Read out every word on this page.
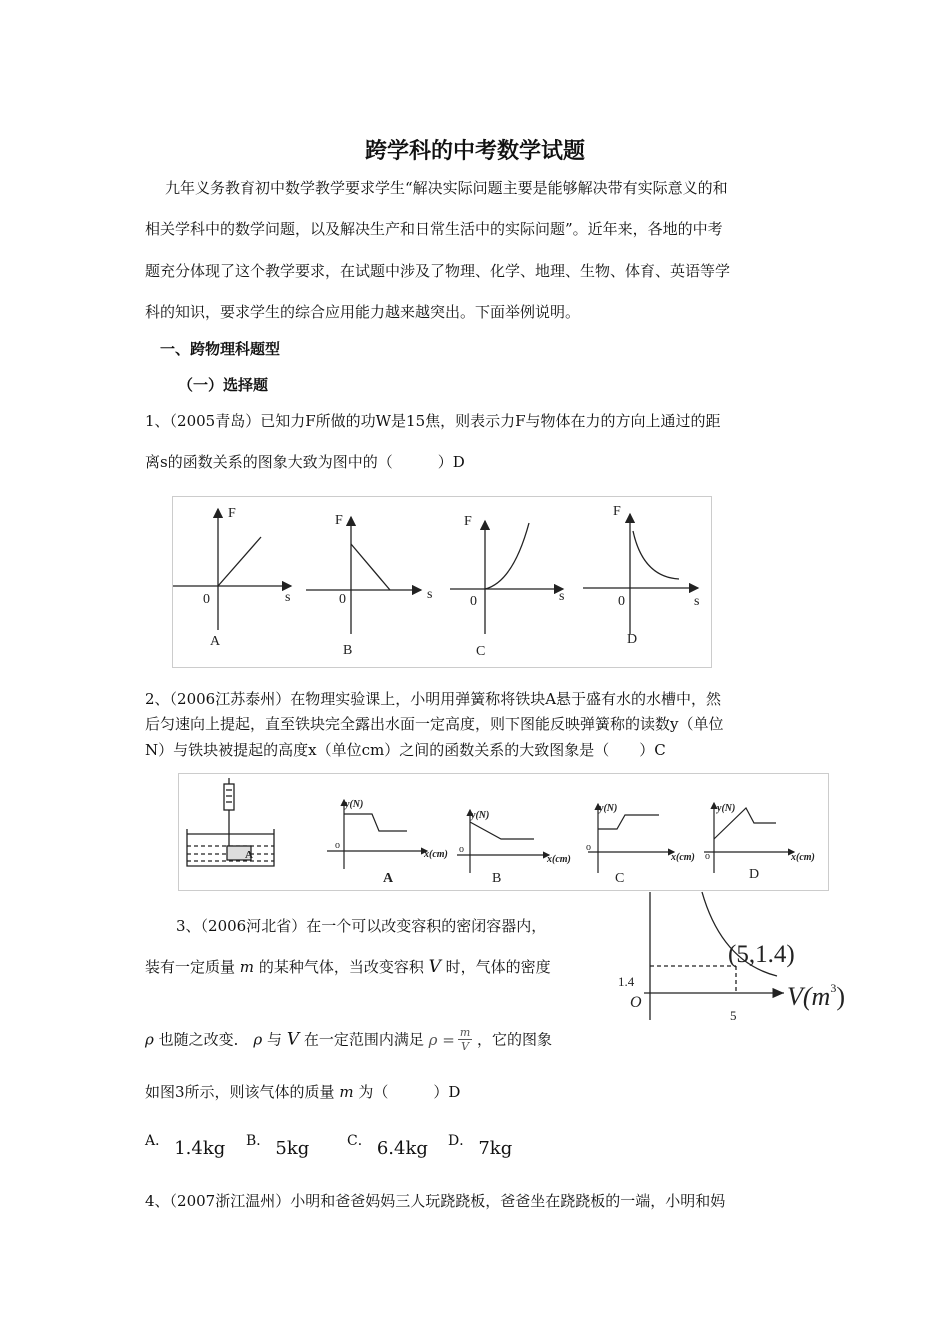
跨学科的中考数学试题
九年义务教育初中数学教学要求学生“解决实际问题主要是能够解决带有实际意义的和
相关学科中的数学问题，以及解决生产和日常生活中的实际问题”。近年来，各地的中考
题充分体现了这个教学要求，在试题中涉及了物理、化学、地理、生物、体育、英语等学
科的知识，要求学生的综合应用能力越来越突出。下面举例说明。
一、跨物理科题型
（一）选择题
1、（2005青岛）已知力F所做的功W是15焦，则表示力F与物体在力的方向上通过的距
离s的函数关系的图象大致为图中的（　　　）D
F
s
0
A
F
s
0
B
F
s
0
C
F
s
0
D
2、（2006江苏泰州）在物理实验课上，小明用弹簧称将铁块A悬于盛有水的水槽中，然
后匀速向上提起，直至铁块完全露出水面一定高度，则下图能反映弹簧称的读数y（单位
N）与铁块被提起的高度x（单位cm）之间的函数关系的大致图象是（　　）C
A
y(N)
x(cm)
y(N)
x(cm)
y(N)
x(cm)
y(N)
x(cm)
o	o	o
o
A	B	C	D
3、（2006河北省）在一个可以改变容积的密闭容器内，
装有一定质量 m 的某种气体，当改变容积 V 时，气体的密度
ρ 也随之改变． ρ 与 V 在一定范围内满足 $\rho = \frac{m}{V}$ ，它的图象
如图3所示，则该气体的质量 m 为（　　　）D
(5,1.4)
1.4
O
5
$V(m^3)$
A． 1.4kg B． 5kg	C． 6.4kg D． 7kg
4、（2007浙江温州）小明和爸爸妈妈三人玩跷跷板，爸爸坐在跷跷板的一端，小明和妈
